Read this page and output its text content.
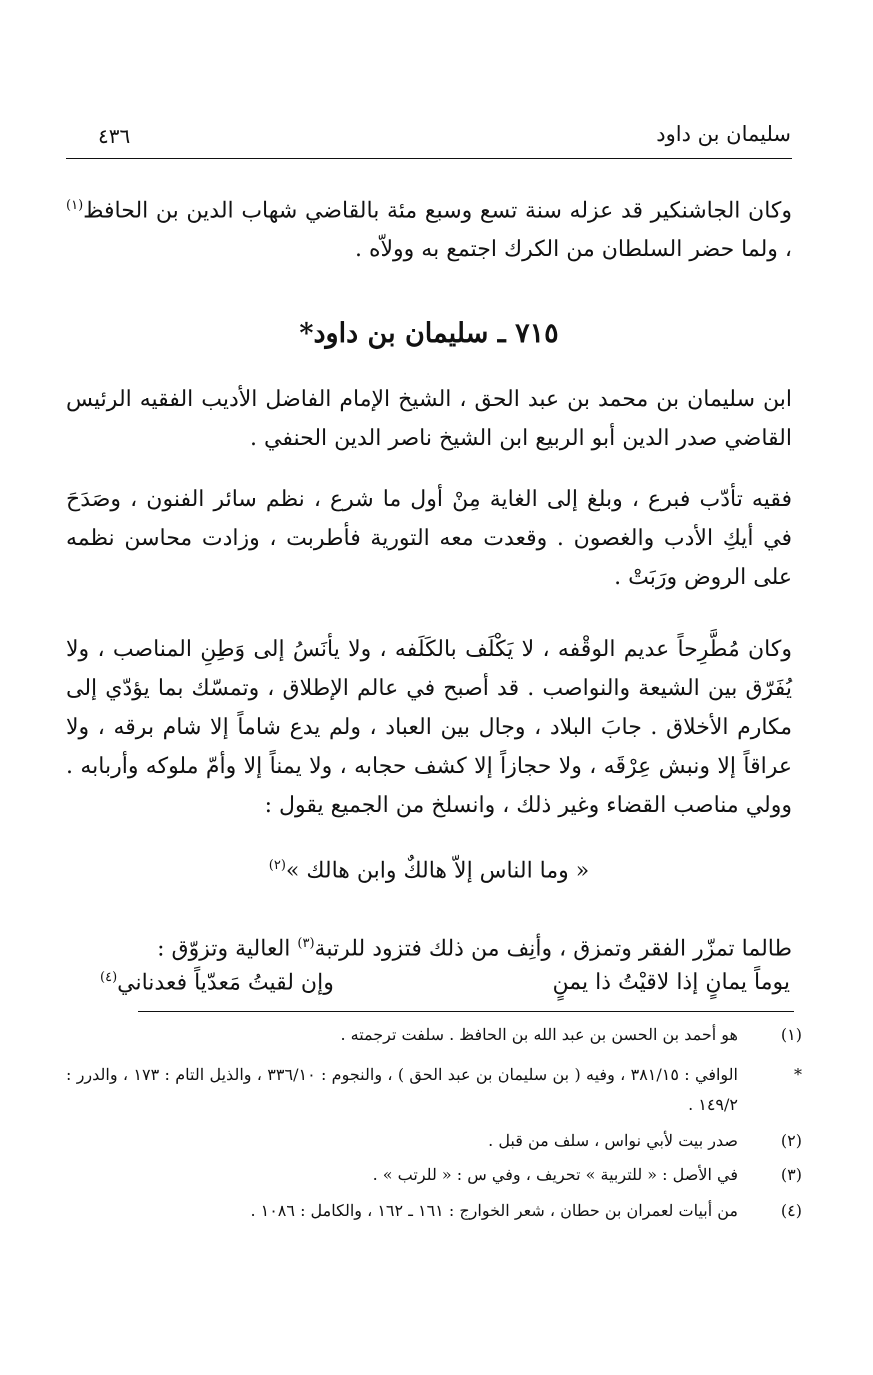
سليمان بن داود
٤٣٦
وكان الجاشنكير قد عزله سنة تسع وسبع مئة بالقاضي شهاب الدين بن الحافظ$^{(١)}$ ، ولما حضر السلطان من الكرك اجتمع به وولاّه .
٧١٥ ـ سليمان بن داود*
ابن سليمان بن محمد بن عبد الحق ، الشيخ الإمام الفاضل الأديب الفقيه الرئيس القاضي صدر الدين أبو الربيع ابن الشيخ ناصر الدين الحنفي .
فقيه تأدّب فبرع ، وبلغ إلى الغاية مِنْ أول ما شرع ، نظم سائر الفنون ، وصَدَحَ في أيكِ الأدب والغصون . وقعدت معه التورية فأطربت ، وزادت محاسن نظمه على الروض ورَبَتْ .
وكان مُطَّرِحاً عديم الوقْفه ، لا يَكْلَف بالكَلَفه ، ولا يأنَسُ إلى وَطِنِ المناصب ، ولا يُفَرّق بين الشيعة والنواصب . قد أصبح في عالم الإطلاق ، وتمسّك بما يؤدّي إلى مكارم الأخلاق . جابَ البلاد ، وجال بين العباد ، ولم يدع شاماً إلا شام برقه ، ولا عراقاً إلا ونبش عِرْقَه ، ولا حجازاً إلا كشف حجابه ، ولا يمناً إلا وأمّ ملوكه وأربابه . وولي مناصب القضاء وغير ذلك ، وانسلخ من الجميع يقول :
« وما الناس إلاّ هالكٌ وابن هالك »$^{(٢)}$
طالما تمزّر الفقر وتمزق ، وأنِف من ذلك فتزود للرتبة$^{(٣)}$ العالية وتزوّق :
يوماً يمانٍ إذا لاقيْتُ ذا يمنٍ
وإن لقيتُ مَعدّياً فعدناني$^{(٤)}$
(١)
هو أحمد بن الحسن بن عبد الله بن الحافظ . سلفت ترجمته .
*
الوافي : ٣٨١/١٥ ، وفيه ( بن سليمان بن عبد الحق ) ، والنجوم : ٣٣٦/١٠ ، والذيل التام : ١٧٣ ، والدرر : ١٤٩/٢ .
(٢)
صدر بيت لأبي نواس ، سلف من قبل .
(٣)
في الأصل : « للتربية » تحريف ، وفي س : « للرتب » .
(٤)
من أبيات لعمران بن حطان ، شعر الخوارج : ١٦١ ـ ١٦٢ ، والكامل : ١٠٨٦ .
